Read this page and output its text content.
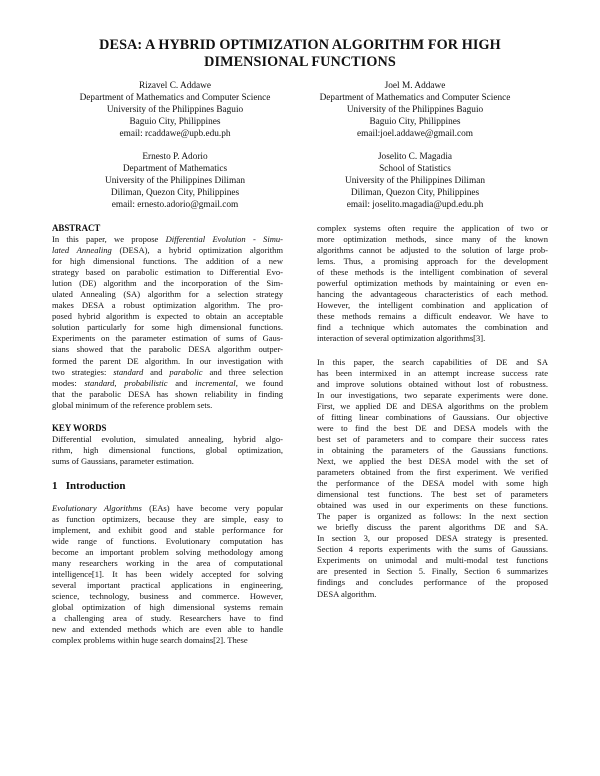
DESA: A HYBRID OPTIMIZATION ALGORITHM FOR HIGH
DIMENSIONAL FUNCTIONS
Rizavel C. Addawe
Department of Mathematics and Computer Science
University of the Philippines Baguio
Baguio City, Philippines
email: rcaddawe@upb.edu.ph
Joel M. Addawe
Department of Mathematics and Computer Science
University of the Philippines Baguio
Baguio City, Philippines
email:joel.addawe@gmail.com
Ernesto P. Adorio
Department of Mathematics
University of the Philippines Diliman
Diliman, Quezon City, Philippines
email: ernesto.adorio@gmail.com
Joselito C. Magadia
School of Statistics
University of the Philippines Diliman
Diliman, Quezon City, Philippines
email: joselito.magadia@upd.edu.ph
ABSTRACT
In this paper, we propose Differential Evolution - Simu-
lated Annealing (DESA), a hybrid optimization algorithm
for high dimensional functions. The addition of a new
strategy based on parabolic estimation to Differential Evo-
lution (DE) algorithm and the incorporation of the Sim-
ulated Annealing (SA) algorithm for a selection strategy
makes DESA a robust optimization algorithm. The pro-
posed hybrid algorithm is expected to obtain an acceptable
solution particularly for some high dimensional functions.
Experiments on the parameter estimation of sums of Gaus-
sians showed that the parabolic DESA algorithm outper-
formed the parent DE algorithm. In our investigation with
two strategies: standard and parabolic and three selection
modes: standard, probabilistic and incremental, we found
that the parabolic DESA has shown reliability in finding
global minimum of the reference problem sets.
KEY WORDS
Differential evolution, simulated annealing, hybrid algo-
rithm, high dimensional functions, global optimization,
sums of Gaussians, parameter estimation.
1 Introduction
Evolutionary Algorithms (EAs) have become very popular
as function optimizers, because they are simple, easy to
implement, and exhibit good and stable performance for
wide range of functions. Evolutionary computation has
become an important problem solving methodology among
many researchers working in the area of computational
intelligence[1]. It has been widely accepted for solving
several important practical applications in engineering,
science, technology, business and commerce. However,
global optimization of high dimensional systems remain
a challenging area of study. Researchers have to find
new and extended methods which are even able to handle
complex problems within huge search domains[2]. These
complex systems often require the application of two or
more optimization methods, since many of the known
algorithms cannot be adjusted to the solution of large prob-
lems. Thus, a promising approach for the development
of these methods is the intelligent combination of several
powerful optimization methods by maintaining or even en-
hancing the advantageous characteristics of each method.
However, the intelligent combination and application of
these methods remains a difficult endeavor. We have to
find a technique which automates the combination and
interaction of several optimization algorithms[3].
In this paper, the search capabilities of DE and SA
has been intermixed in an attempt increase success rate
and improve solutions obtained without lost of robustness.
In our investigations, two separate experiments were done.
First, we applied DE and DESA algorithms on the problem
of fitting linear combinations of Gaussians. Our objective
were to find the best DE and DESA models with the
best set of parameters and to compare their success rates
in obtaining the parameters of the Gaussians functions.
Next, we applied the best DESA model with the set of
parameters obtained from the first experiment. We verified
the performance of the DESA model with some high
dimensional test functions. The best set of parameters
obtained was used in our experiments on these functions.
The paper is organized as follows: In the next section
we briefly discuss the parent algorithms DE and SA.
In section 3, our proposed DESA strategy is presented.
Section 4 reports experiments with the sums of Gaussians.
Experiments on unimodal and multi-modal test functions
are presented in Section 5. Finally, Section 6 summarizes
findings and concludes performance of the proposed
DESA algorithm.
